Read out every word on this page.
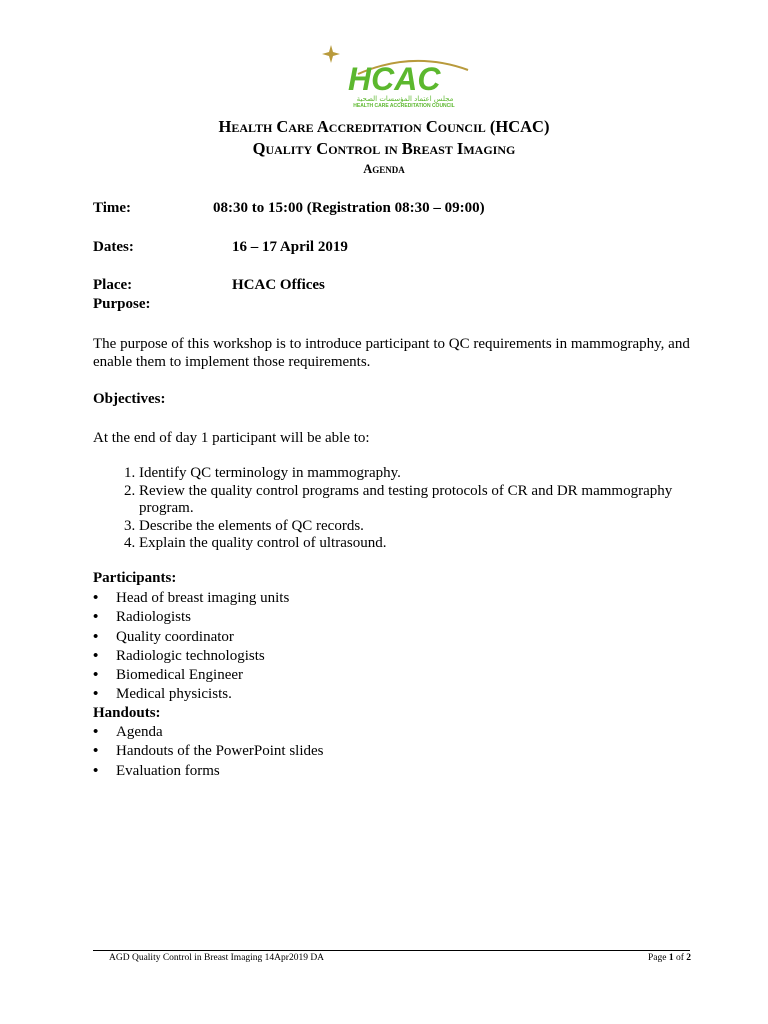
HCAC
مجلس اعتماد المؤسسات الصحية
HEALTH CARE ACCREDITATION COUNCIL
Health Care Accreditation Council (HCAC)
Quality Control in Breast Imaging
Agenda
Time:	08:30 to 15:00 (Registration 08:30 – 09:00)
Dates:	16 – 17 April 2019
Place:	HCAC Offices
Purpose:
The purpose of this workshop is to introduce participant to QC requirements in mammography, and enable them to implement those requirements.
Objectives:
At the end of day 1 participant will be able to:
1. Identify QC terminology in mammography.
2. Review the quality control programs and testing protocols of CR and DR mammography program.
3. Describe the elements of QC records.
4. Explain the quality control of ultrasound.
Participants:
• Head of breast imaging units
• Radiologists
• Quality coordinator
• Radiologic technologists
• Biomedical Engineer
• Medical physicists.
Handouts:
• Agenda
• Handouts of the PowerPoint slides
• Evaluation forms
AGD Quality Control in Breast Imaging 14Apr2019 DA	Page 1 of 2
